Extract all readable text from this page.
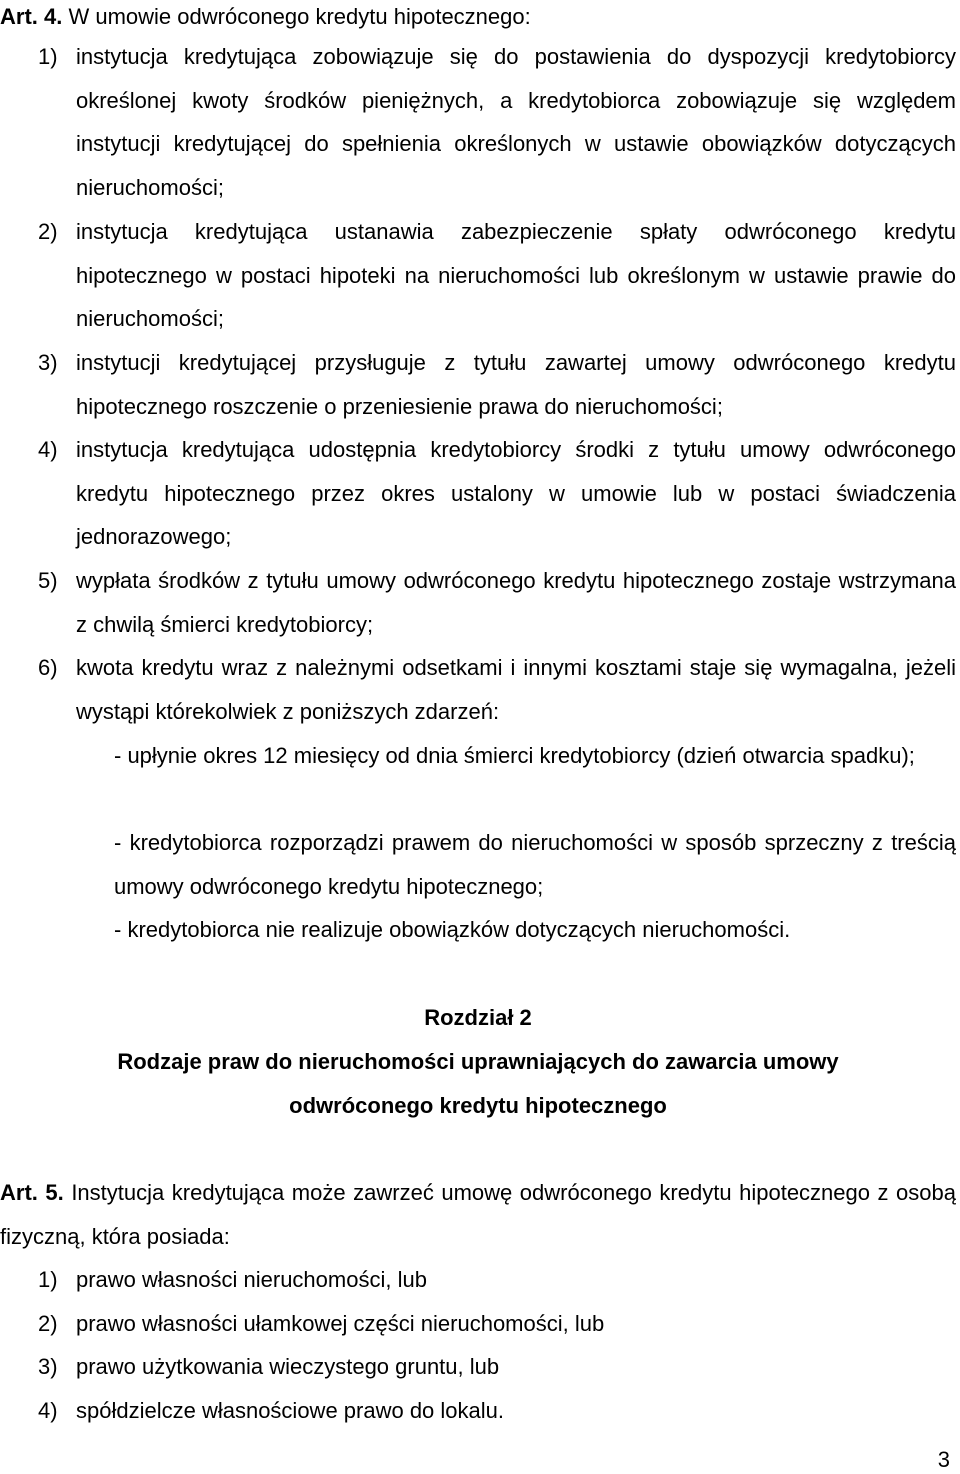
Art. 4. W umowie odwróconego kredytu hipotecznego:
1) instytucja kredytująca zobowiązuje się do postawienia do dyspozycji kredytobiorcy określonej kwoty środków pieniężnych, a kredytobiorca zobowiązuje się względem instytucji kredytującej do spełnienia określonych w ustawie obowiązków dotyczących nieruchomości;
2) instytucja kredytująca ustanawia zabezpieczenie spłaty odwróconego kredytu hipotecznego w postaci hipoteki na nieruchomości lub określonym w ustawie prawie do nieruchomości;
3) instytucji kredytującej przysługuje z tytułu zawartej umowy odwróconego kredytu hipotecznego roszczenie o przeniesienie prawa do nieruchomości;
4) instytucja kredytująca udostępnia kredytobiorcy środki z tytułu umowy odwróconego kredytu hipotecznego przez okres ustalony w umowie lub w postaci świadczenia jednorazowego;
5) wypłata środków z tytułu umowy odwróconego kredytu hipotecznego zostaje wstrzymana z chwilą śmierci kredytobiorcy;
6) kwota kredytu wraz z należnymi odsetkami i innymi kosztami staje się wymagalna, jeżeli wystąpi którekolwiek z poniższych zdarzeń:
- upłynie okres 12 miesięcy od dnia śmierci kredytobiorcy (dzień otwarcia spadku);
- kredytobiorca rozporządzi prawem do nieruchomości w sposób sprzeczny z treścią umowy odwróconego kredytu hipotecznego;
- kredytobiorca nie realizuje obowiązków dotyczących nieruchomości.
Rozdział 2
Rodzaje praw do nieruchomości uprawniających do zawarcia umowy
odwróconego kredytu hipotecznego
Art. 5. Instytucja kredytująca może zawrzeć umowę odwróconego kredytu hipotecznego z osobą fizyczną, która posiada:
1) prawo własności nieruchomości, lub
2) prawo własności ułamkowej części nieruchomości, lub
3) prawo użytkowania wieczystego gruntu, lub
4) spółdzielcze własnościowe prawo do lokalu.
3
